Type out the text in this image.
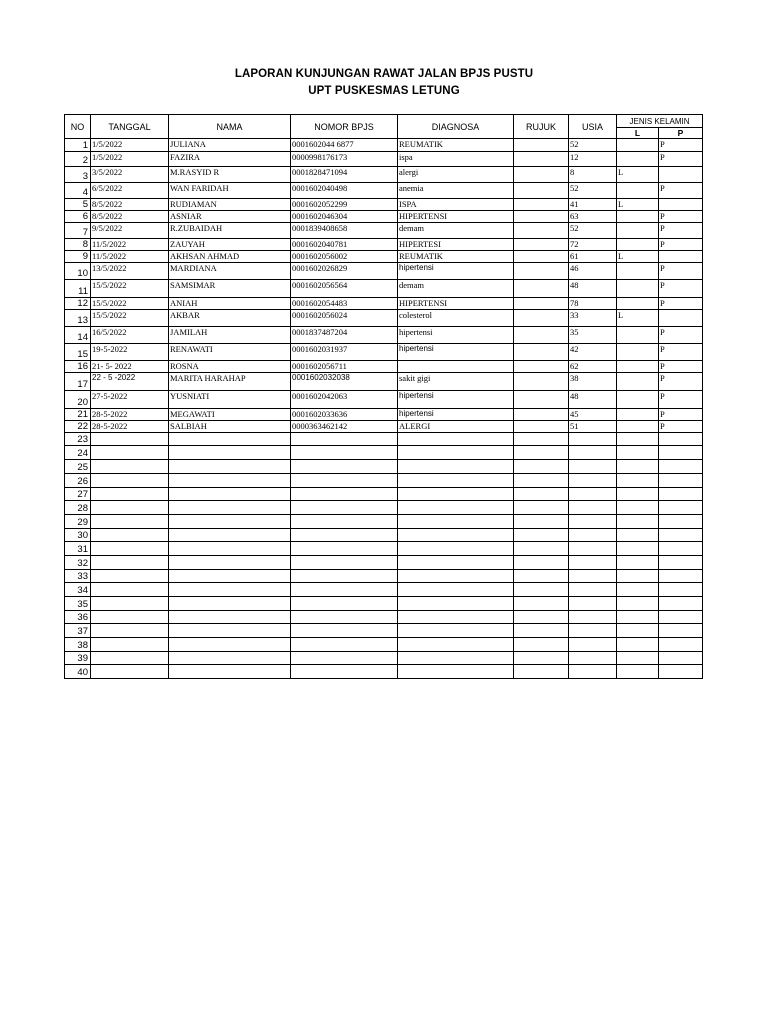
LAPORAN KUNJUNGAN RAWAT JALAN BPJS PUSTU
UPT PUSKESMAS LETUNG
NO	TANGGAL	NAMA	NOMOR BPJS	DIAGNOSA	RUJUK	USIA	JENIS KELAMIN	
							L	P
1	1/5/2022	JULIANA	0001602044 6877	REUMATIK		52		P
2	1/5/2022	FAZIRA	0000998176173	ispa		12		P
3	3/5/2022	M.RASYID R	0001828471094	alergi		8	L	
4	6/5/2022	WAN FARIDAH	0001602040498	anemia		52		P
5	8/5/2022	RUDIAMAN	0001602052299	ISPA		41	L	
6	8/5/2022	ASNIAR	0001602046304	HIPERTENSI		63		P
7	9/5/2022	R.ZUBAIDAH	0001839408658	demam		52		P
8	11/5/2022	ZAUYAH	0001602040781	HIPERTESI		72		P
9	11/5/2022	AKHSAN AHMAD	0001602056002	REUMATIK		61	L	
10	13/5/2022	MARDIANA	0001602026829	hipertensi		46		P
11	15/5/2022	SAMSIMAR	0001602056564	demam		48		P
12	15/5/2022	ANIAH	0001602054483	HIPERTENSI		78		P
13	15/5/2022	AKBAR	0001602056024	colesterol		33	L	
14	16/5/2022	JAMILAH	0001837487204	hipertensi		35		P
15	19-5-2022	RENAWATI	0001602031937	hipertensi		42		P
16	21- 5- 2022	ROSNA	0001602056711			62		P
17	22 - 5 -2022	MARITA HARAHAP	0001602032038	sakit gigi		38		P
20	27-5-2022	YUSNIATI	0001602042063	hipertensi		48		P
21	28-5-2022	MEGAWATI	0001602033636	hipertensi		45		P
22	28-5-2022	SALBIAH	0000363462142	ALERGI		51		P
23								
24								
25								
26								
27								
28								
29								
30								
31								
32								
33								
34								
35								
36								
37								
38								
39								
40								
